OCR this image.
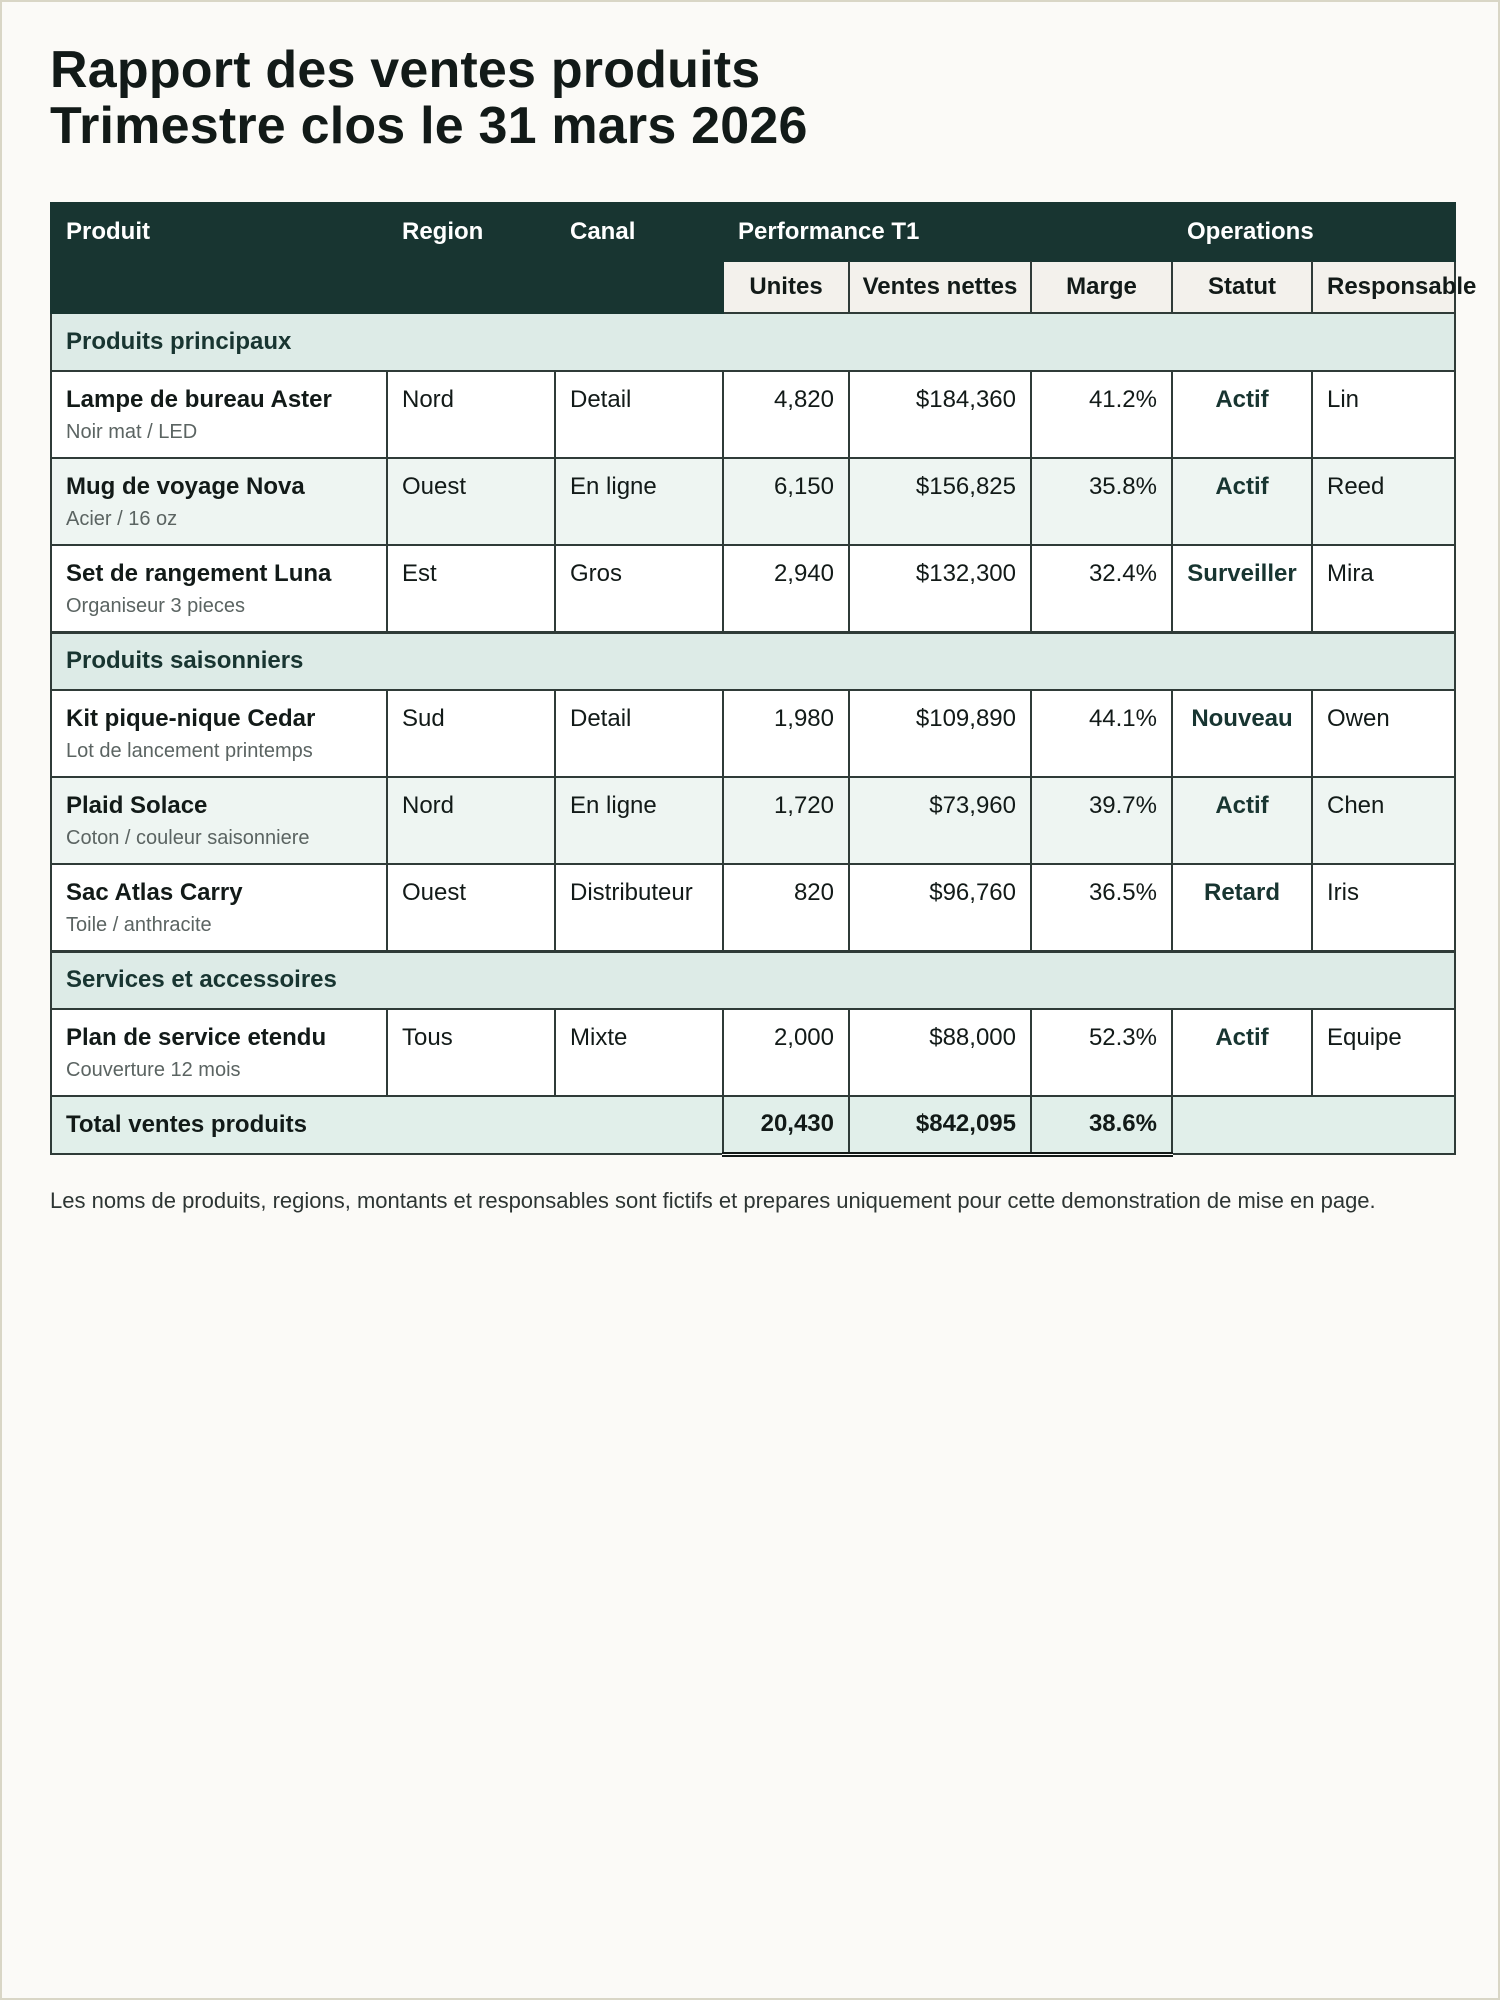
Rapport des ventes produits
Trimestre clos le 31 mars 2026
Produit	Region	Canal	Performance T1			Operations	
			Unites	Ventes nettes	Marge	Statut	Responsable
Produits principaux							

Lampe de bureau Aster
Noir mat / LED	Nord	Detail	4,820	$184,360	41.2%	Actif	Lin

Mug de voyage Nova
Acier / 16 oz	Ouest	En ligne	6,150	$156,825	35.8%	Actif	Reed

Set de rangement Luna
Organiseur 3 pieces	Est	Gros	2,940	$132,300	32.4%	Surveiller	Mira
Produits saisonniers							

Kit pique-nique Cedar
Lot de lancement printemps	Sud	Detail	1,980	$109,890	44.1%	Nouveau	Owen

Plaid Solace
Coton / couleur saisonniere	Nord	En ligne	1,720	$73,960	39.7%	Actif	Chen

Sac Atlas Carry
Toile / anthracite	Ouest	Distributeur	820	$96,760	36.5%	Retard	Iris
Services et accessoires							

Plan de service etendu
Couverture 12 mois	Tous	Mixte	2,000	$88,000	52.3%	Actif	Equipe
Total ventes produits			20,430	$842,095	38.6%		

Les noms de produits, regions, montants et responsables sont fictifs et prepares uniquement pour cette demonstration de mise en page.
